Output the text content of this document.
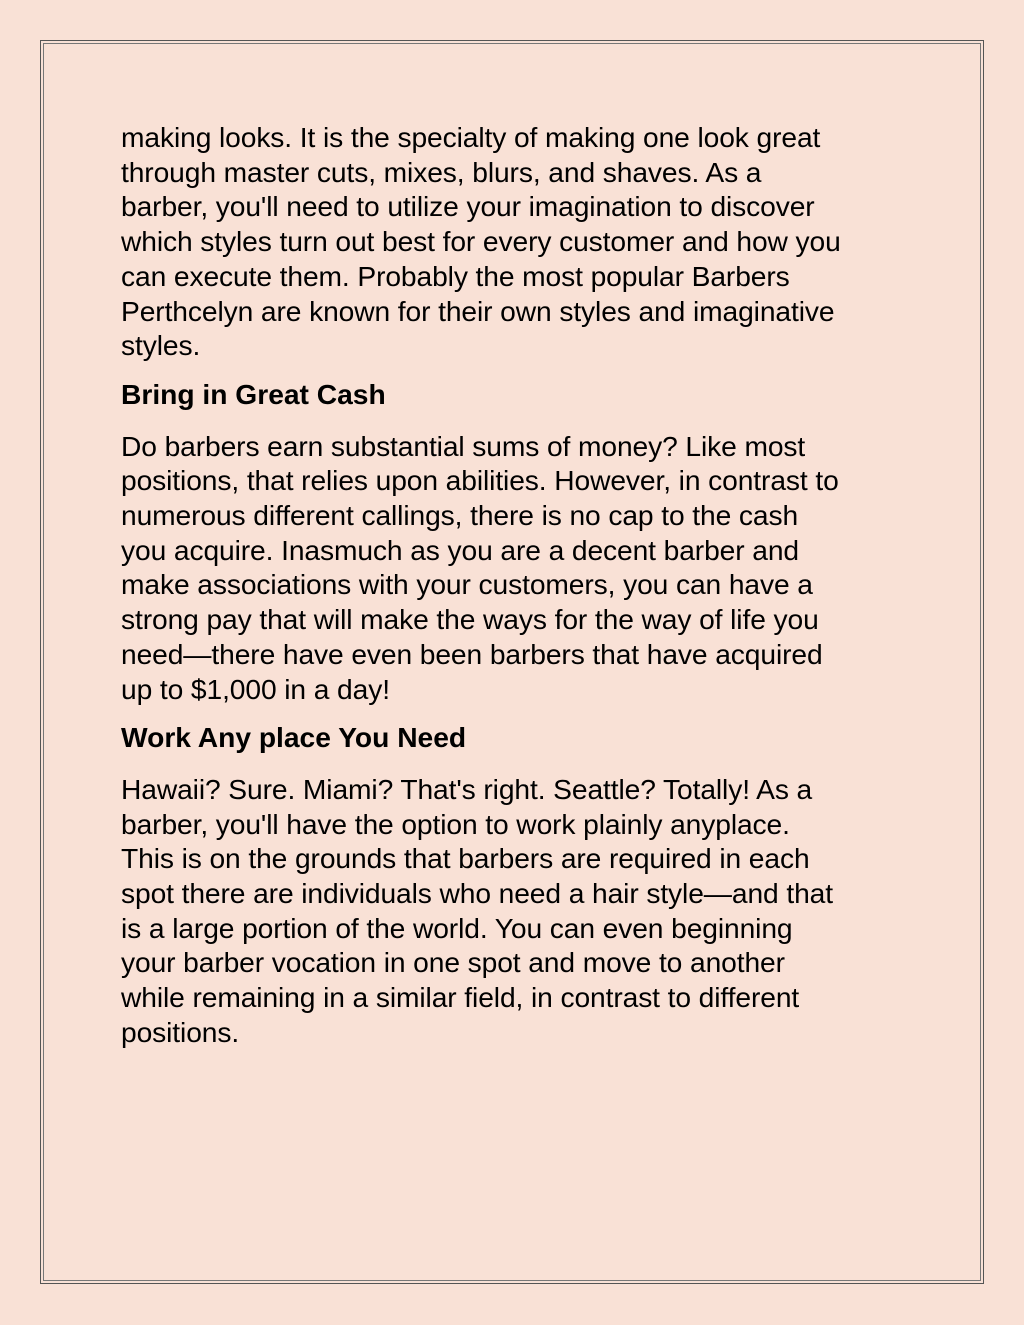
making looks. It is the specialty of making one look great
through master cuts, mixes, blurs, and shaves. As a
barber, you'll need to utilize your imagination to discover
which styles turn out best for every customer and how you
can execute them. Probably the most popular Barbers
Perthcelyn are known for their own styles and imaginative
styles.
Bring in Great Cash
Do barbers earn substantial sums of money? Like most
positions, that relies upon abilities. However, in contrast to
numerous different callings, there is no cap to the cash
you acquire. Inasmuch as you are a decent barber and
make associations with your customers, you can have a
strong pay that will make the ways for the way of life you
need—there have even been barbers that have acquired
up to $1,000 in a day!
Work Any place You Need
Hawaii? Sure. Miami? That's right. Seattle? Totally! As a
barber, you'll have the option to work plainly anyplace.
This is on the grounds that barbers are required in each
spot there are individuals who need a hair style—and that
is a large portion of the world. You can even beginning
your barber vocation in one spot and move to another
while remaining in a similar field, in contrast to different
positions.
